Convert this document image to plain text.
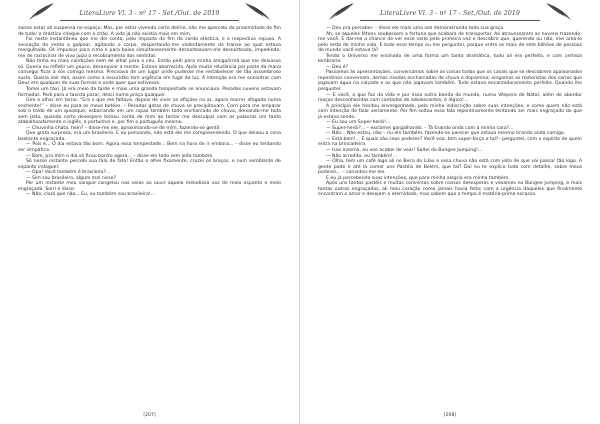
LiteraLivre Vl. 3 - nº 17 - Set./Out. de 2019

saísse estar ali suspensa no espaço. Mas, por estar vivendo certo delírio, não me apercebi da proximidade do fim de tudo: o drástico choque com o chão. A vida já não existia mais em mim.

Foi neste instantâneo que me dei conta, pelo impacto do fim da corda elástica, e o respectivo repuxo. A sensação do vento a golpear, agitando o corpo, despertando-me violentamente do transe ao qual estava mergulhada. Os impulsos para cima e para baixo simultaneamente desnorteavam-me desnorteada, impedindo-me de raciocinar de vivo juízo o recobramento dos sentidos.

Não tinha eu mais condições nem de olhar para o céu. Então pedi para minha amiga/irmã que me deixasse só. Queria eu refletir um pouco, desanuviar a mente. Estava aborrecida. Após muita relutância por parte da mana consegui ficar a sós comigo mesma. Precisava de um lugar onde pudesse me restabelecer de tão assombroso susto. Queria sair dali, assim como a escuridão tem urgência em fugir da luz. A intenção era me encontrar com Deus em qualquer de suas formas e onde quer que estivesse.

Tomei um táxi. Já era meio da tarde e mais uma grande tempestade se anunciava. Pesadas nuvens estavam formadas. Pedi para o taxista parar, desci numa praça qualquer.

Gire o olhar em torno. “Era o que me faltava, depois de viver as aflições no ar, agora morrer afogada numa enchente!” – disse eu para os meus botões. – Pesadas gotas de chuva se precipitavam. Corri para me amparar sob o toldo de um quiosque; esbarrando em um rapaz também todo encharcado de chuva, deixando-me toda sem jeito, quando certo desespero tomou conta de mim ao tentar me desculpar com as palavras um tanto atabalhoadamente o inglês, o portunhol e, por fim o português mesmo.

— Chuvinha chata, hein? – disse-me ele, aproximando-se de mim, fazendo-se gentil.

Que grata surpresa, era um brasileiro. E eu pensando, não está ele me compreendendo. O que deixou a cena bastante engraçada.

— Pois é... O dia estava tão bom. Agora essa tempestade... Bem na hora de ir embora... – disse eu tentando ser simpática.

— Bom, pra mim o dia só ficou bonito agora... – disse ele todo sem jeito também.

Só nesse instante percebi sua fala de fato! Então o olhei fixamente, cruzei os braços, e num semblante de espanto indaguei:

— Opa! Você também é brasileiro?...

— Sim sou brasileiro, algum mal nisso?

Por um instante meu sangue congelou nas veias ao ouvir aquela melodiosa voz de meio espanto e meio engraçada. Sorri e disse:

— Não, claro que não... Eu, eu também sou brasileira!...

[207]
LiteraLivre Vl. 3 - nº 17 - Set./Out. de 2019

— Deu pra perceber. – disse ele mais uma vez demonstrando toda sua graça.

Ah, se aqueles fótons soubessem a fortuna que acabara de transportar. Ao atravessarem as nuvens trazendo-me você. E dar-me a chance de ver esse rosto pela primeira vez e descobrir que, querendo ou não, iriei amá-lo pelo resto de minha vida. E todo esse tempo eu me perguntei, porque entre os mais de sete bilhões de pessoas do mundo você estava lá?

Tendo o Universo me ensinado de uma forma um tanto dramática, tudo ali era perfeito, e com certeza lembraria.

— Deu é?

Passamos às apresentações, conversamos sobre as coisas todas que os casais que se descobrem apaixonados repentinos conversam, demos risadas encharcadas de chuva e dopamina; xingamos os motoristas dos carros que jogavam água na calçada e os que não jogavam também. Tudo estava encantadoramente perfeito. Quando lhe perguntei:

— E você, o que faz da vida e por essa outra banda do mundo, numa Véspera de Natal, além de abordar moças desconhecidas com cantadas de adolescentes, é lógico!...

A princípio ele hesitou envergonhado, pela minha indiscrição sobre suas intenções, e como quem não está com intenção de falar seriamente. Por fim soltou essa fala repentinamente tentando ser mais engraçado do que já estava sendo.

— Eu sou um Super-herói!...

— Super-herói?... – exclamei gargalhando. – Tá tirando onda com a minha cara?...

— Não... Não estou, não – riu ele também, fazendo-se parecer que estava mesmo tirando onda comigo.

— Está bem!... E quais são seus poderes? Você voa, tem super-força e tal?– perguntei, com o espírito de quem entra na brincadeira.

— Isso mesmo, eu voo acabei de voar! Saltei do Bungee Jumping!...

— Não acredito, eu também!...

— Olha, tem um café logo ali no Beco do Lilau e essa chuva não está com jeito de que vai passar tão logo. A gente pode ir até lá comer uns Pastéis de Belém, que tal? Daí eu te explico tudo com detalhe, sobre meus poderes... – convidou-me ele.

E eu já percebendo suas intenções, que para minha alegria era minha também.

Após uns tantos pastéis e muitas conversas sobre nossos desesperos e vexames no Bungee Jumping, e mais tantas outras engraçadas, ali meu coração como jamais havia feito; com a urgência daqueles que finalmente encontram o amor e desejam a eternidade, mas sabem que o tempo é matéria-prima escassa.

[208]
